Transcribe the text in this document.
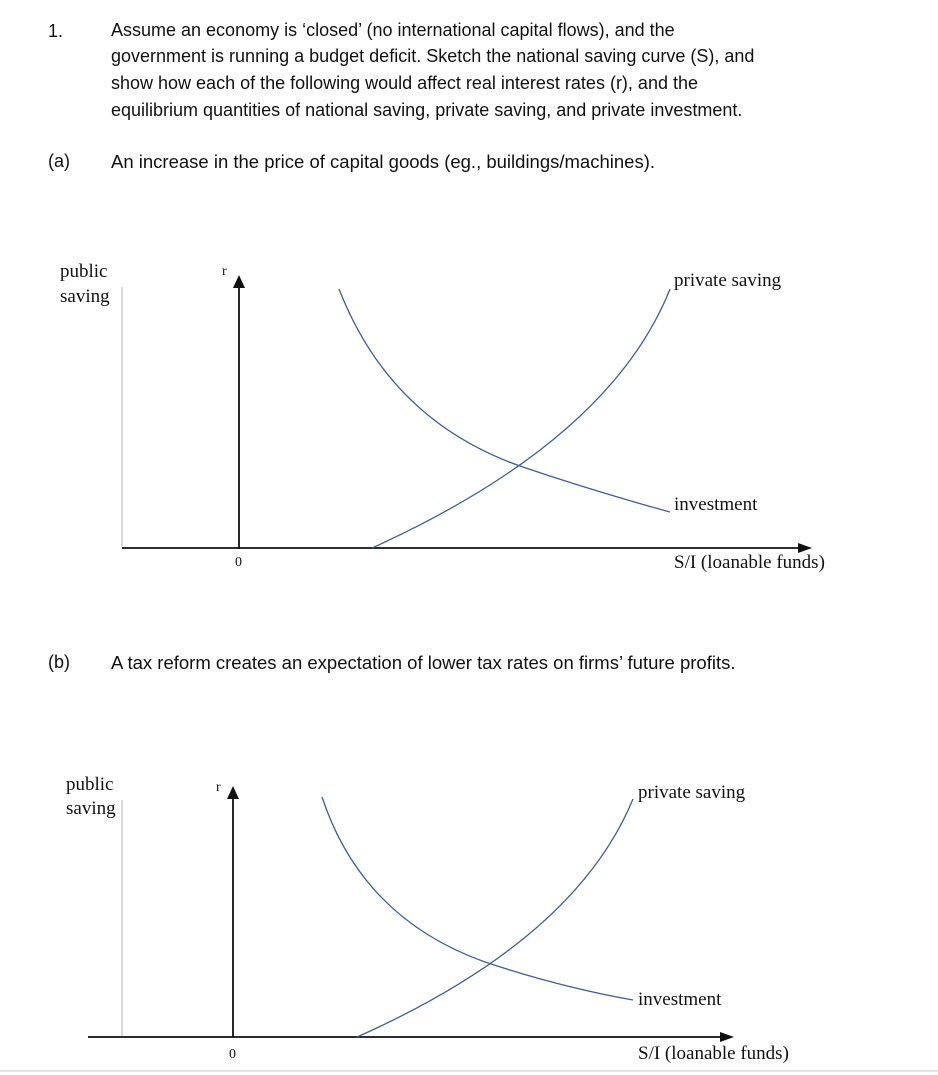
1.	Assume an economy is ‘closed’ (no international capital flows), and the
government is running a budget deficit. Sketch the national saving curve (S), and
show how each of the following would affect real interest rates (r), and the
equilibrium quantities of national saving, private saving, and private investment.
(a) An increase in the price of capital goods (eg., buildings/machines).
public
saving
r
0
private saving
investment
S/I (loanable funds)
(b) A tax reform creates an expectation of lower tax rates on firms’ future profits.
public
saving
r
0
private saving
investment
S/I (loanable funds)
